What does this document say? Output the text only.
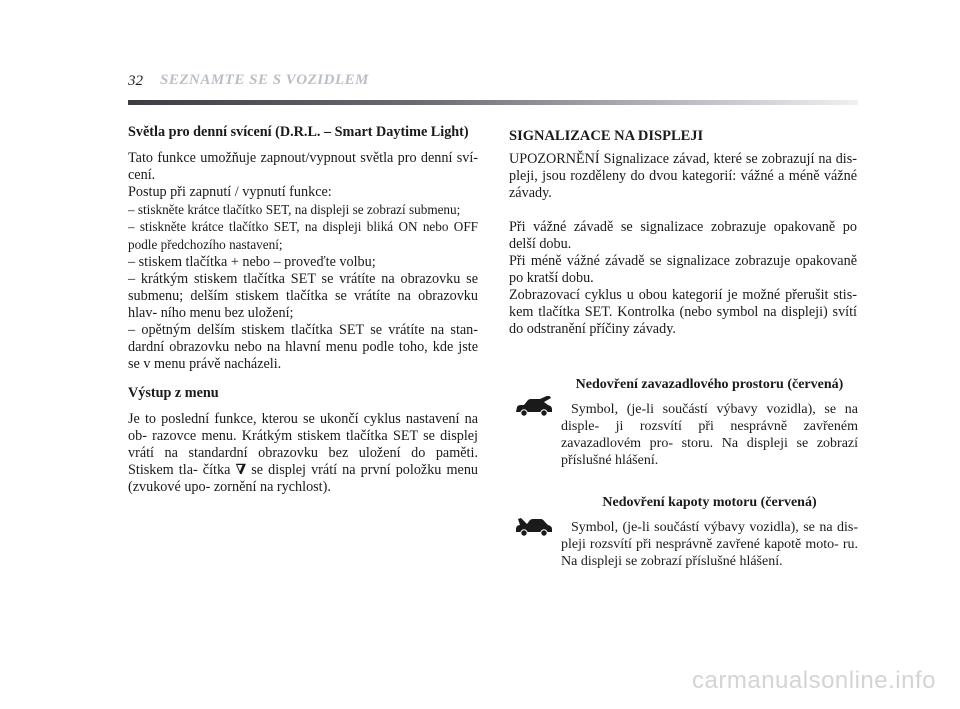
32 SEZNAMTE SE S VOZIDLEM

Světla pro denní svícení (D.R.L. – Smart Daytime Light)

Tato funkce umožňuje zapnout/vypnout světla pro denní sví- cení.

Postup při zapnutí / vypnutí funkce:

– stiskněte krátce tlačítko SET, na displeji se zobrazí submenu;

– stiskněte krátce tlačítko SET, na displeji bliká ON nebo OFF podle předchozího nastavení;

– stiskem tlačítka + nebo – proveďte volbu;

– krátkým stiskem tlačítka SET se vrátíte na obrazovku se submenu; delším stiskem tlačítka se vrátíte na obrazovku hlav- ního menu bez uložení;

– opětným delším stiskem tlačítka SET se vrátíte na stan- dardní obrazovku nebo na hlavní menu podle toho, kde jste se v menu právě nacházeli.

Výstup z menu

Je to poslední funkce, kterou se ukončí cyklus nastavení na ob- razovce menu. Krátkým stiskem tlačítka SET se displej vrátí na standardní obrazovku bez uložení do paměti. Stiskem tla- čítka ∇ se displej vrátí na první položku menu (zvukové upo- zornění na rychlost).

SIGNALIZACE NA DISPLEJI

UPOZORNĚNÍ Signalizace závad, které se zobrazují na dis- pleji, jsou rozděleny do dvou kategorií: vážné a méně vážné závady.

Při vážné závadě se signalizace zobrazuje opakovaně po delší dobu.

Při méně vážné závadě se signalizace zobrazuje opakovaně po kratší dobu.

Zobrazovací cyklus u obou kategorií je možné přerušit stis- kem tlačítka SET. Kontrolka (nebo symbol na displeji) svítí do odstranění příčiny závady.

Nedovření zavazadlového prostoru (červená)

Symbol, (je-li součástí výbavy vozidla), se na disple- ji rozsvítí při nesprávně zavřeném zavazadlovém pro- storu. Na displeji se zobrazí příslušné hlášení.

Nedovření kapoty motoru (červená)

Symbol, (je-li součástí výbavy vozidla), se na dis- pleji rozsvítí při nesprávně zavřené kapotě moto- ru. Na displeji se zobrazí příslušné hlášení.

carmanualsonline.info
